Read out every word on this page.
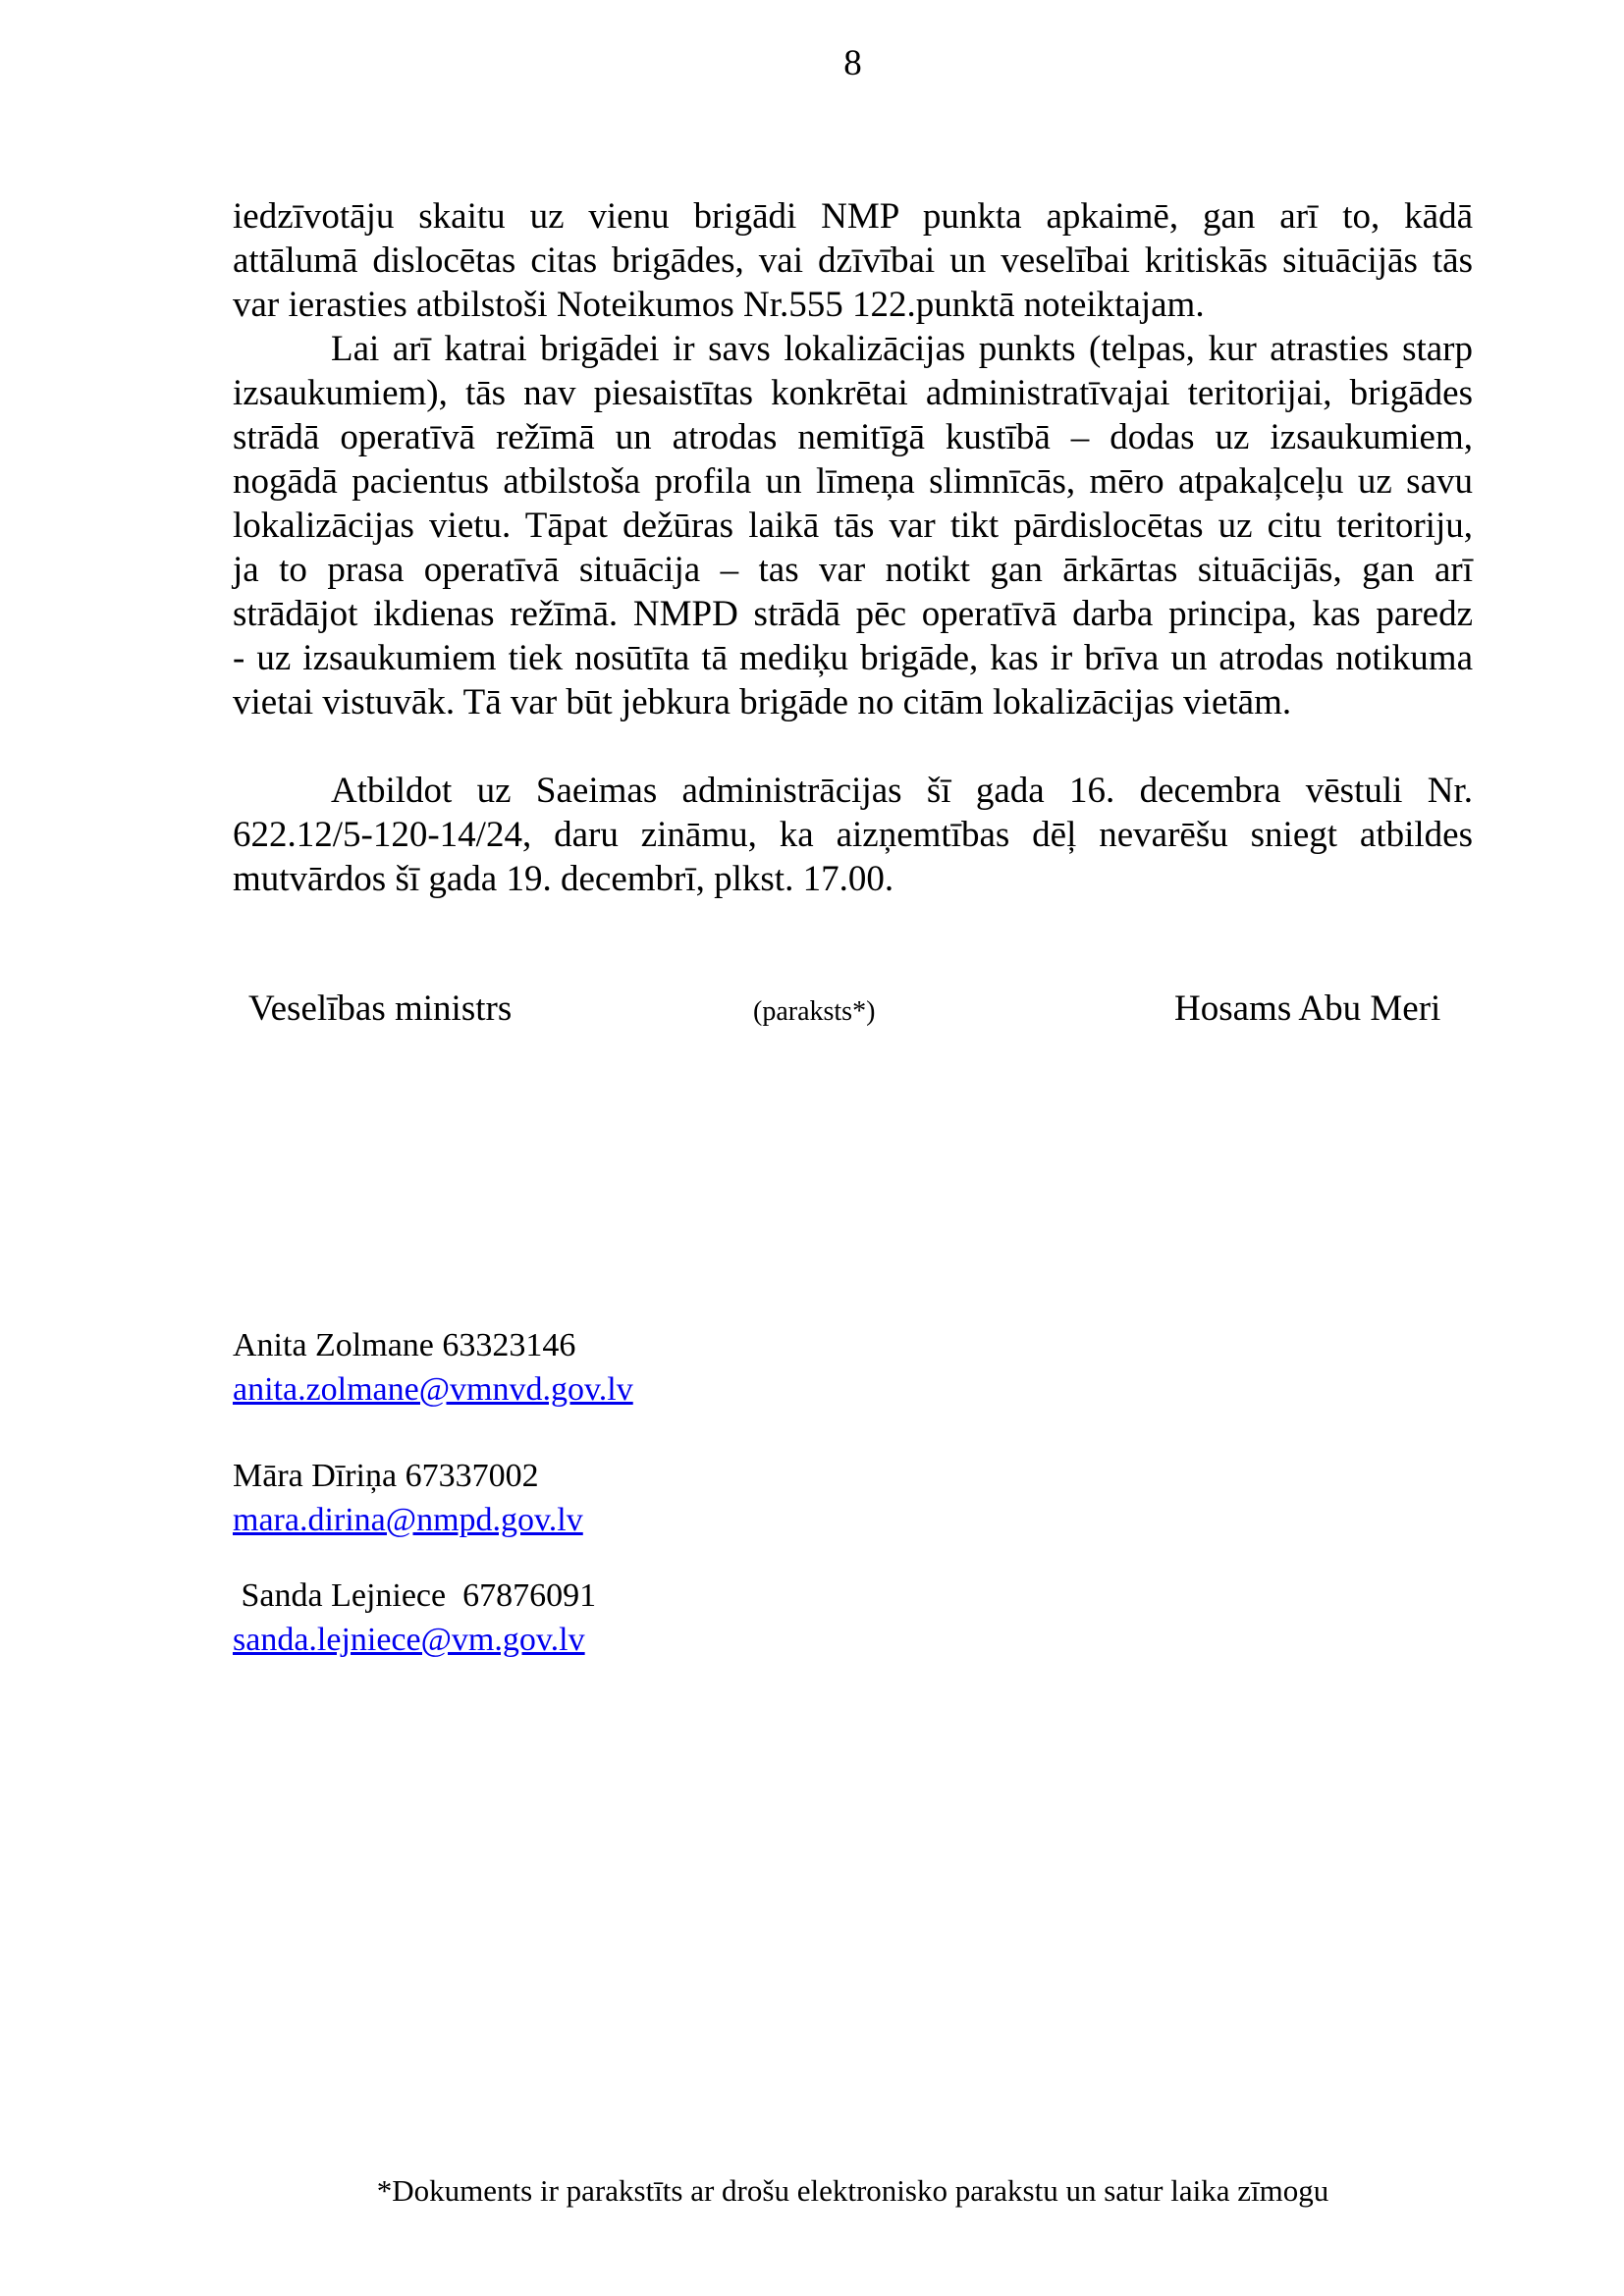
8
iedzīvotāju skaitu uz vienu brigādi NMP punkta apkaimē, gan arī to, kādā
attālumā dislocētas citas brigādes, vai dzīvībai un veselībai kritiskās situācijās tās
var ierasties atbilstoši Noteikumos Nr.555 122.punktā noteiktajam.
Lai arī katrai brigādei ir savs lokalizācijas punkts (telpas, kur atrasties starp
izsaukumiem), tās nav piesaistītas konkrētai administratīvajai teritorijai, brigādes
strādā operatīvā režīmā un atrodas nemitīgā kustībā – dodas uz izsaukumiem,
nogādā pacientus atbilstoša profila un līmeņa slimnīcās, mēro atpakaļceļu uz savu
lokalizācijas vietu. Tāpat dežūras laikā tās var tikt pārdislocētas uz citu teritoriju,
ja to prasa operatīvā situācija – tas var notikt gan ārkārtas situācijās, gan arī
strādājot ikdienas režīmā. NMPD strādā pēc operatīvā darba principa, kas paredz
- uz izsaukumiem tiek nosūtīta tā mediķu brigāde, kas ir brīva un atrodas notikuma
vietai vistuvāk. Tā var būt jebkura brigāde no citām lokalizācijas vietām.
Atbildot uz Saeimas administrācijas šī gada 16. decembra vēstuli Nr.
622.12/5-120-14/24, daru zināmu, ka aizņemtības dēļ nevarēšu sniegt atbildes
mutvārdos šī gada 19. decembrī, plkst. 17.00.
Veselības ministrs	(paraksts*)	Hosams Abu Meri
Anita Zolmane 63323146
anita.zolmane@vmnvd.gov.lv
Māra Dīriņa 67337002
mara.dirina@nmpd.gov.lv
Sanda Lejniece  67876091
sanda.lejniece@vm.gov.lv
*Dokuments ir parakstīts ar drošu elektronisko parakstu un satur laika zīmogu
